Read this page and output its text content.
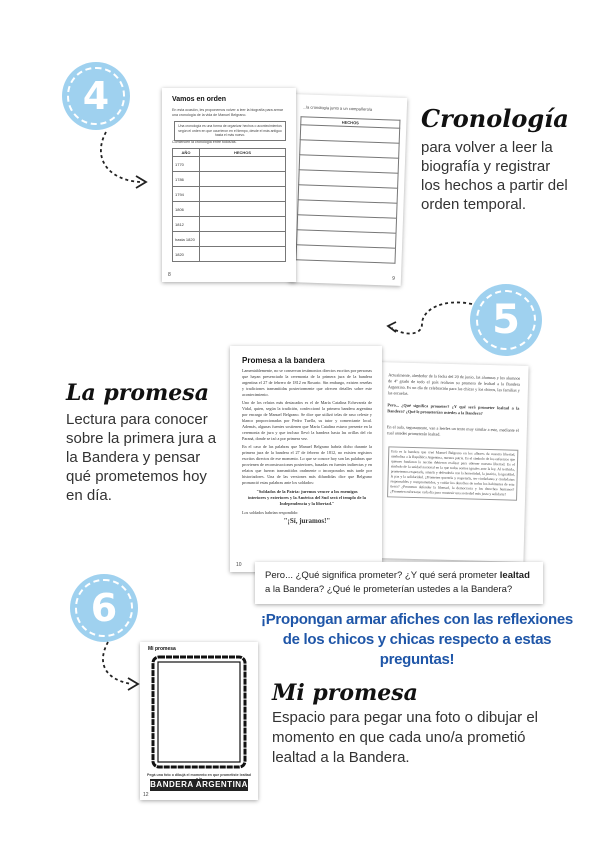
4	...la cronología junto a un compañero/a
HECHOS

9
Vamos en orden
En esta ocasión, les proponemos volver a leer la biografía para armar una cronología de la vida de Manuel Belgrano.
Una cronología es una forma de organizar hechos o acontecimientos según el orden en que ocurrieron en el tiempo, desde el más antiguo hasta el más nuevo.
Comiencen la cronología entre todos/as.
AÑO	HECHOS
1770	
1786	
1794	
1806	
1812	
hasta 1820	
1820	
8
Cronología
para volver a leer la biografía y registrar los hechos a partir del orden temporal.
5
Actualmente, alrededor de la fecha del 20 de junio, las alumnas y los alumnos de 4º grado de todo el país realizan su promesa de lealtad a la Bandera Argentina. Es un día de celebración para las chicas y los chicos, las familias y las escuelas.
Pero... ¿Qué significa prometer? ¿Y qué será prometer lealtad a la Bandera? ¿Qué le prometerían ustedes a la Bandera?
En el aula, seguramente, van a leerles un texto muy similar a este, mediante el cual ustedes prometerán lealtad.
Esta es la bandera que creó Manuel Belgrano en los albores de nuestra libertad, simboliza a la República Argentina, nuestra patria. Es el símbolo de los esfuerzos que quienes fundaron la nación debieron realizar para obtener nuestra libertad. Es el símbolo de la unidad nacional en la que todos somos iguales ante la ley. Al recibirla, prometemos respetarla, amarla y defenderla con la honestidad, la justicia, la igualdad, la paz y la solidaridad. ¿Prometen quererla y respetarla, ser ciudadanos y ciudadanas responsables y comprometidos, y cuidar los derechos de todos los habitantes de esta tierra? ¿Prometen defender la libertad, la democracia y los derechos humanos? ¿Prometen esforzarse cada día para construir una sociedad más justa y solidaria?
Promesa a la bandera
Lamentablemente, no se conservan testimonios directos escritos por personas que hayan presenciado la ceremonia de la primera jura de la bandera argentina el 27 de febrero de 1812 en Rosario. Sin embargo, existen reseñas y tradiciones transmitidas posteriormente que ofrecen detalles sobre este acontecimiento.
Uno de los relatos más destacados es el de María Catalina Echevarría de Vidal, quien, según la tradición, confeccionó la primera bandera argentina por encargo de Manuel Belgrano. Se dice que utilizó telas de raso celeste y blanco proporcionadas por Pedro Tuella, su tutor y comerciante local. Además, algunas fuentes sostienen que María Catalina estuvo presente en la ceremonia de jura y que incluso llevó la bandera hasta las orillas del río Paraná, donde se izó a por primera vez.
En el caso de las palabras que Manuel Belgrano habría dicho durante la primera jura de la bandera el 27 de febrero de 1812, no existen registros escritos directos de ese momento. Lo que se conoce hoy son las palabras que provienen de reconstrucciones posteriores, basadas en fuentes indirectas y en relatos que fueron transmitidos oralmente o incorporados más tarde por historiadores. Una de las versiones más difundidas dice que Belgrano pronunció estas palabras ante los soldados:
"Soldados de la Patria: juremos vencer a los enemigos interiores y exteriores y la América del Sud será el templo de la Independencia y la libertad."
Los soldados habrían respondido:
"¡Sí, juramos!"
10
Pero... ¿Qué significa prometer? ¿Y qué será prometer lealtad a la Bandera? ¿Qué le prometerían ustedes a la Bandera?
La promesa
Lectura para conocer sobre la primera jura a la Bandera y pensar qué prometemos hoy en día.
¡Propongan armar afiches con las reflexiones de los chicos y chicas respecto a estas preguntas!
6
Mi promesa
Pegá una foto o dibujá el momento en que prometiste lealtad
BANDERA ARGENTINA
12
Mi promesa
Espacio para pegar una foto o dibujar el momento en que cada uno/a prometió lealtad a la Bandera.
